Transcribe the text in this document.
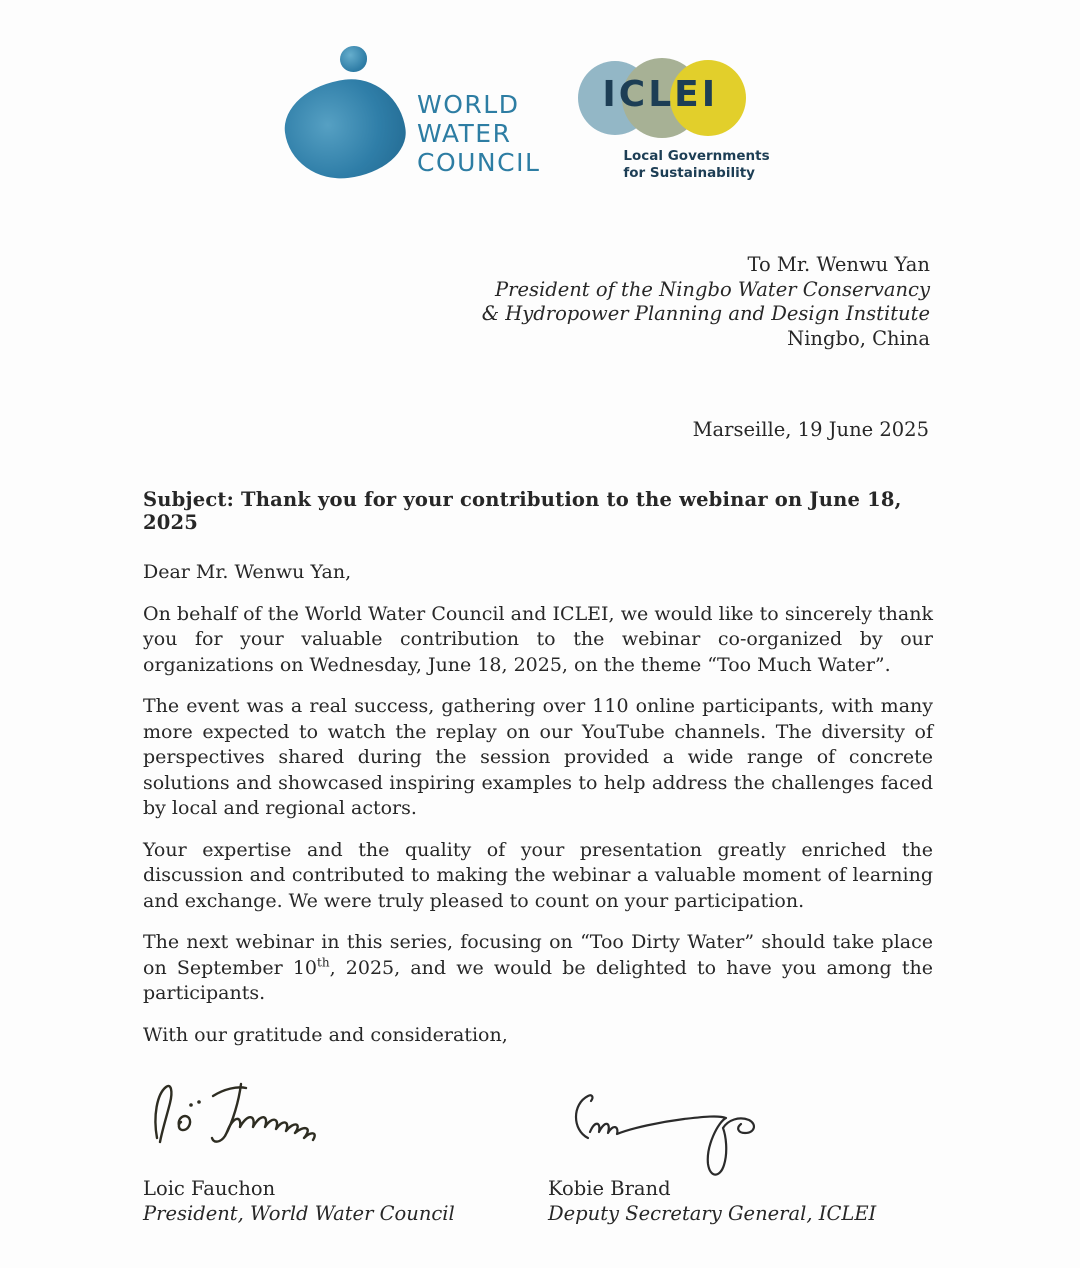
WORLD
WATER
COUNCIL
ICLEI
Local Governments
for Sustainability
To Mr. Wenwu Yan
President of the Ningbo Water Conservancy
& Hydropower Planning and Design Institute
Ningbo, China
Marseille, 19 June 2025
Subject: Thank you for your contribution to the webinar on June 18, 2025

Dear Mr. Wenwu Yan,

On behalf of the World Water Council and ICLEI, we would like to sincerely thank you for your valuable contribution to the webinar co-organized by our organizations on Wednesday, June 18, 2025, on the theme “Too Much Water”.

The event was a real success, gathering over 110 online participants, with many more expected to watch the replay on our YouTube channels. The diversity of perspectives shared during the session provided a wide range of concrete solutions and showcased inspiring examples to help address the challenges faced by local and regional actors.

Your expertise and the quality of your presentation greatly enriched the discussion and contributed to making the webinar a valuable moment of learning and exchange. We were truly pleased to count on your participation.

The next webinar in this series, focusing on “Too Dirty Water” should take place on September 10th, 2025, and we would be delighted to have you among the participants.

With our gratitude and consideration,

Loic Fauchon
President, World Water Council
Kobie Brand
Deputy Secretary General, ICLEI
